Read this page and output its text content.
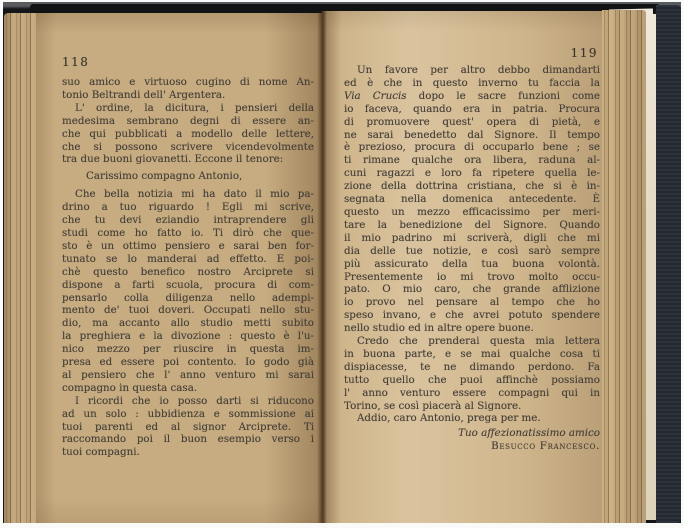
118
suo amico e virtuoso cugino di nome An-
tonio Beltrandi dell' Argentera.
L' ordine, la dicitura, i pensieri della
medesima sembrano degni di essere an-
che qui pubblicati a modello delle lettere,
che si possono scrivere vicendevolmente
tra due buoni giovanetti. Eccone il tenore:
Carissimo compagno Antonio,
Che bella notizia mi ha dato il mio pa-
drino a tuo riguardo ! Egli mi scrive,
che tu devi eziandio intraprendere gli
studi come ho fatto io. Ti dirò che que-
sto è un ottimo pensiero e sarai ben for-
tunato se lo manderai ad effetto. E poi-
chè questo benefico nostro Arciprete si
dispone a farti scuola, procura di com-
pensarlo colla diligenza nello adempi-
mento de' tuoi doveri. Occupati nello stu-
dio, ma accanto allo studio metti subito
la preghiera e la divozione : questo è l'u-
nico mezzo per riuscire in questa im-
presa ed essere poi contento. Io godo già
al pensiero che l' anno venturo mi sarai
compagno in questa casa.
I ricordi che io posso darti si riducono
ad un solo : ubbidienza e sommissione ai
tuoi parenti ed al signor Arciprete. Ti
raccomando poi il buon esempio verso i
tuoi compagni.
119
Un favore per altro debbo dimandarti
ed è che in questo inverno tu faccia la
Via Crucis dopo le sacre funzioni come
io faceva, quando era in patria. Procura
di promuovere quest' opera di pietà, e
ne sarai benedetto dal Signore. Il tempo
è prezioso, procura di occuparlo bene ; se
ti rimane qualche ora libera, raduna al-
cuni ragazzi e loro fa ripetere quella le-
zione della dottrina cristiana, che si è in-
segnata nella domenica antecedente. È
questo un mezzo efficacissimo per meri-
tare la benedizione del Signore. Quando
il mio padrino mi scriverà, digli che mi
dia delle tue notizie, e così sarò sempre
più assicurato della tua buona volontà.
Presentemente io mi trovo molto occu-
pato. O mio caro, che grande afflizione
io provo nel pensare al tempo che ho
speso invano, e che avrei potuto spendere
nello studio ed in altre opere buone.
Credo che prenderai questa mia lettera
in buona parte, e se mai qualche cosa ti
dispiacesse, te ne dimando perdono. Fa
tutto quello che puoi affinchè possiamo
l' anno venturo essere compagni qui in
Torino, se così piacerà al Signore.
Addio, caro Antonio, prega per me.
Tuo affezionatissimo amico
Besucco Francesco.
